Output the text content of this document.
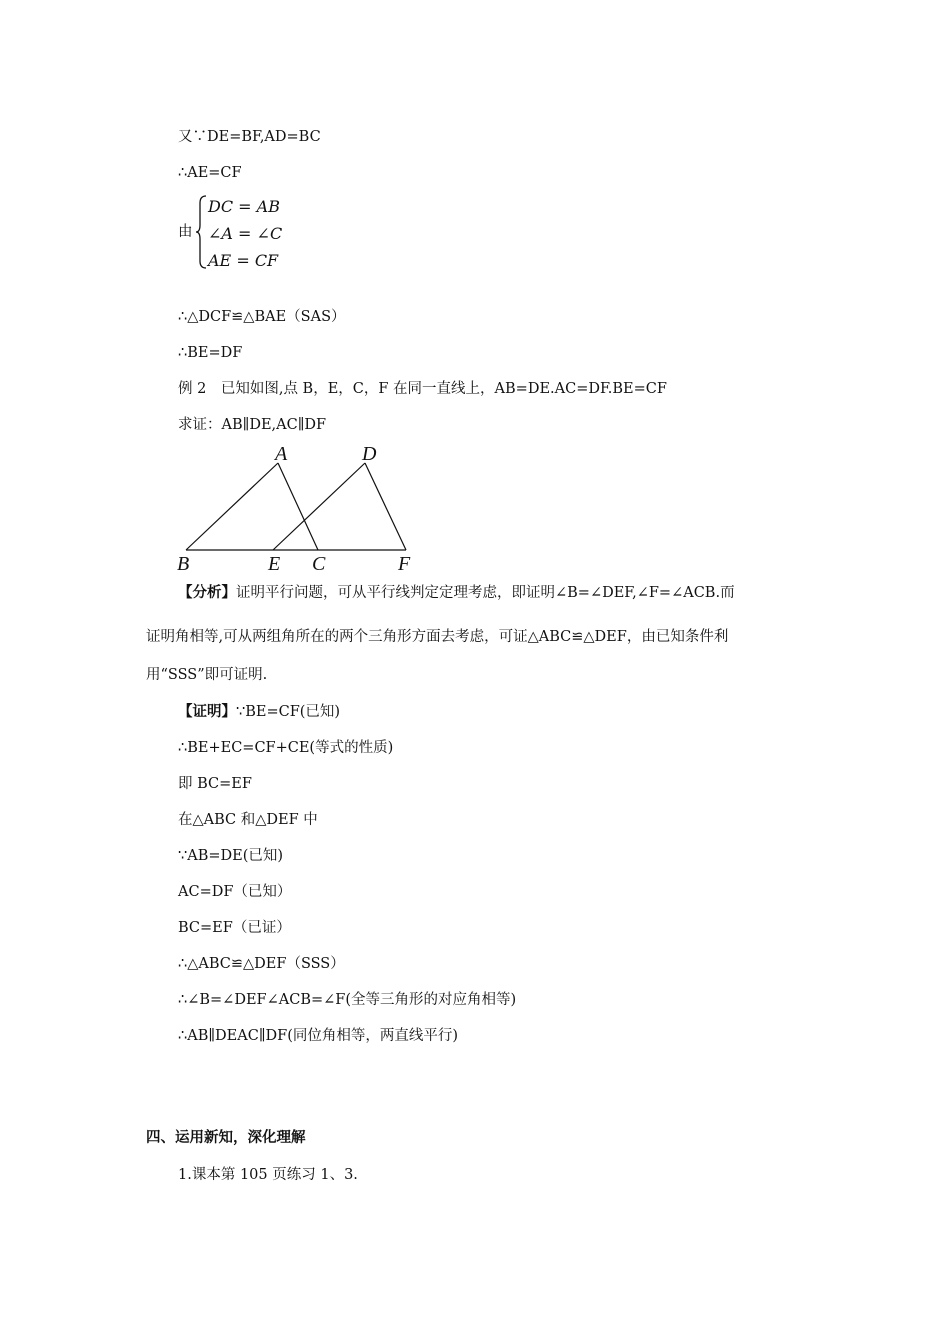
又∵DE=BF,AD=BC
∴AE=CF
由
DC = AB
∠A = ∠C
AE = CF
∴△DCF≌△BAE（SAS）
∴BE=DF
例 2　已知如图,点 B，E，C，F 在同一直线上，AB=DE.AC=DF.BE=CF
求证：AB∥DE,AC∥DF
A	D
B	E C	F
【分析】证明平行问题，可从平行线判定定理考虑，即证明∠B=∠DEF,∠F=∠ACB.而
证明角相等,可从两组角所在的两个三角形方面去考虑，可证△ABC≌△DEF，由已知条件利
用“SSS”即可证明.
【证明】∵BE=CF(已知)
∴BE+EC=CF+CE(等式的性质)
即 BC=EF
在△ABC 和△DEF 中
∵AB=DE(已知)
AC=DF（已知）
BC=EF（已证）
∴△ABC≌△DEF（SSS）
∴∠B=∠DEF∠ACB=∠F(全等三角形的对应角相等)
∴AB∥DEAC∥DF(同位角相等，两直线平行)
四、运用新知，深化理解
1.课本第 105 页练习 1、3.
